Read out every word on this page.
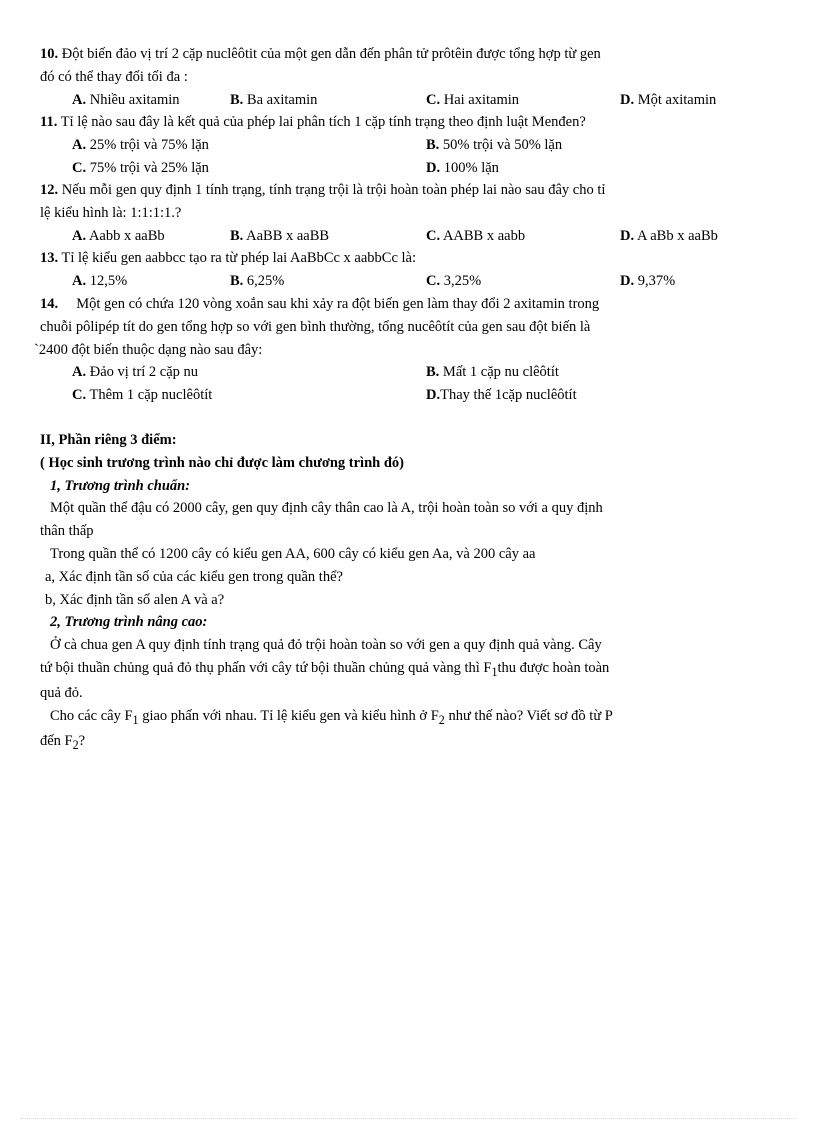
10. Đột biến đảo vị trí 2 cặp nuclêôtit của một gen dẫn đến phân tử prôtêin được tổng hợp từ gen
đó có thể thay đổi tối đa :
A. Nhiều axitamin	B. Ba axitamin	C. Hai axitamin	D. Một axitamin
11. Tỉ lệ nào sau đây là kết quả của phép lai phân tích 1 cặp tính trạng theo định luật Menđen?
A. 25% trội và 75% lặn	B. 50% trội và 50% lặn
C. 75% trội và 25% lặn	D. 100% lặn
12. Nếu mỗi gen quy định 1 tính trạng, tính trạng trội là trội hoàn toàn phép lai nào sau đây cho tỉ
lệ kiểu hình là: 1:1:1:1.?
A. Aabb x aaBb	B. AaBB x aaBB	C. AABB x aabb	D. A aBb x aaBb
13. Tỉ lệ kiểu gen aabbcc tạo ra từ phép lai AaBbCc x aabbCc là:
A. 12,5%	B. 6,25%	C. 3,25%	D. 9,37%
14. Một gen có chứa 120 vòng xoắn sau khi xảy ra đột biến gen làm thay đổi 2 axitamin trong
chuỗi pôlipép tít do gen tổng hợp so với gen bình thường, tổng nucêôtít của gen sau đột biến là
`2400 đột biến thuộc dạng nào sau đây:
A. Đảo vị trí 2 cặp nu	B. Mất 1 cặp nu clêôtít
C. Thêm 1 cặp nuclêôtít	D.Thay thế 1cặp nuclêôtít
II, Phần riêng 3 điểm:
( Học sinh trương trình nào chỉ được làm chương trình đó)
1, Trương trình chuẩn:
Một quần thể đậu có 2000 cây, gen quy định cây thân cao là A, trội hoàn toàn so với a quy định
thân thấp
Trong quần thể có 1200 cây có kiểu gen AA, 600 cây có kiểu gen Aa, và 200 cây aa
a, Xác định tần số của các kiểu gen trong quần thể?
b, Xác định tần số alen A và a?
2, Trương trình nâng cao:
Ở cà chua gen A quy định tính trạng quả đỏ trội hoàn toàn so với gen a quy định quả vàng. Cây
tứ bội thuần chủng quả đỏ thụ phấn với cây tứ bội thuần chủng quả vàng thì $F_1thu$ được hoàn toàn
quả đỏ.
Cho các cây $F_1$ giao phấn với nhau. Tỉ lệ kiểu gen và kiểu hình ở $F_2$ như thế nào? Viết sơ đồ từ P
đến $F_2$?
